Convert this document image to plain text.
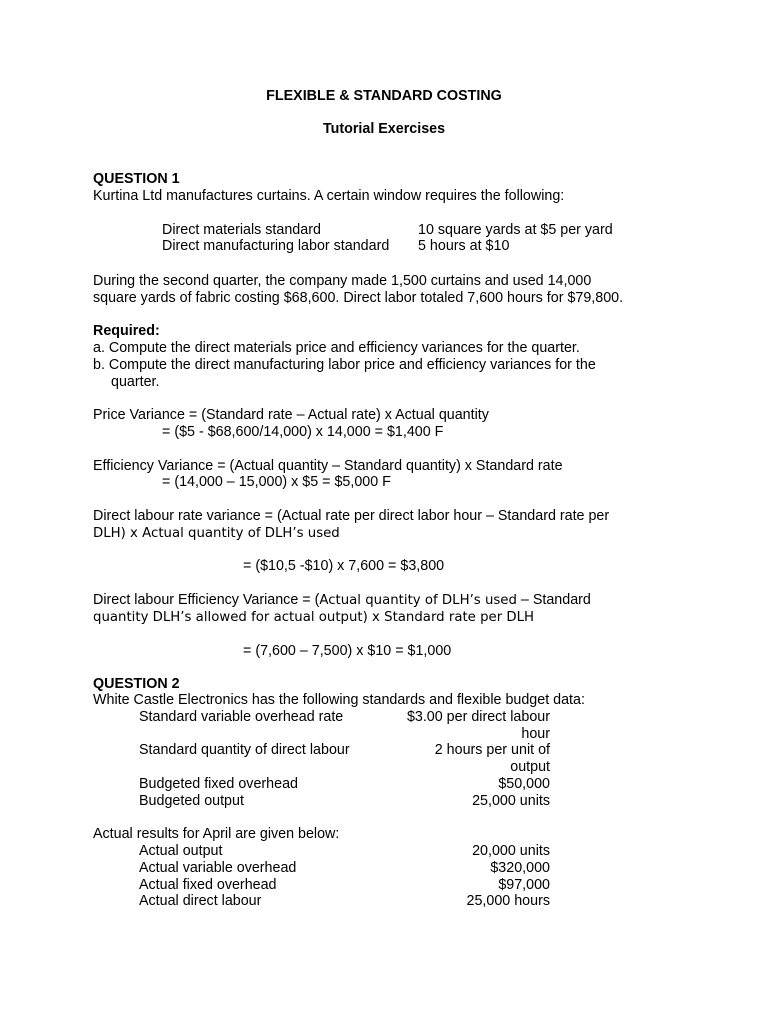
FLEXIBLE & STANDARD COSTING
Tutorial Exercises
QUESTION 1
Kurtina Ltd manufactures curtains. A certain window requires the following:
Direct materials standard	10 square yards at $5 per yard
Direct manufacturing labor standard 5 hours at $10
During the second quarter, the company made 1,500 curtains and used 14,000
square yards of fabric costing $68,600. Direct labor totaled 7,600 hours for $79,800.
Required:
a. Compute the direct materials price and efficiency variances for the quarter.
b. Compute the direct manufacturing labor price and efficiency variances for the
quarter.
Price Variance = (Standard rate – Actual rate) x Actual quantity
= ($5 - $68,600/14,000) x 14,000 = $1,400 F
Efficiency Variance = (Actual quantity – Standard quantity) x Standard rate
= (14,000 – 15,000) x $5 = $5,000 F
Direct labour rate variance = (Actual rate per direct labor hour – Standard rate per
DLH) x Actual quantity of DLH’s used
= ($10,5 -$10) x 7,600 = $3,800
Direct labour Efficiency Variance = (Actual quantity of DLH’s used – Standard
quantity DLH’s allowed for actual output) x Standard rate per DLH
= (7,600 – 7,500) x $10 = $1,000
QUESTION 2
White Castle Electronics has the following standards and flexible budget data:
Standard variable overhead rate	$3.00 per direct labour
hour
Standard quantity of direct labour	2 hours per unit of
output
Budgeted fixed overhead	$50,000
Budgeted output	25,000 units
Actual results for April are given below:
Actual output	20,000 units
Actual variable overhead	$320,000
Actual fixed overhead	$97,000
Actual direct labour	25,000 hours
